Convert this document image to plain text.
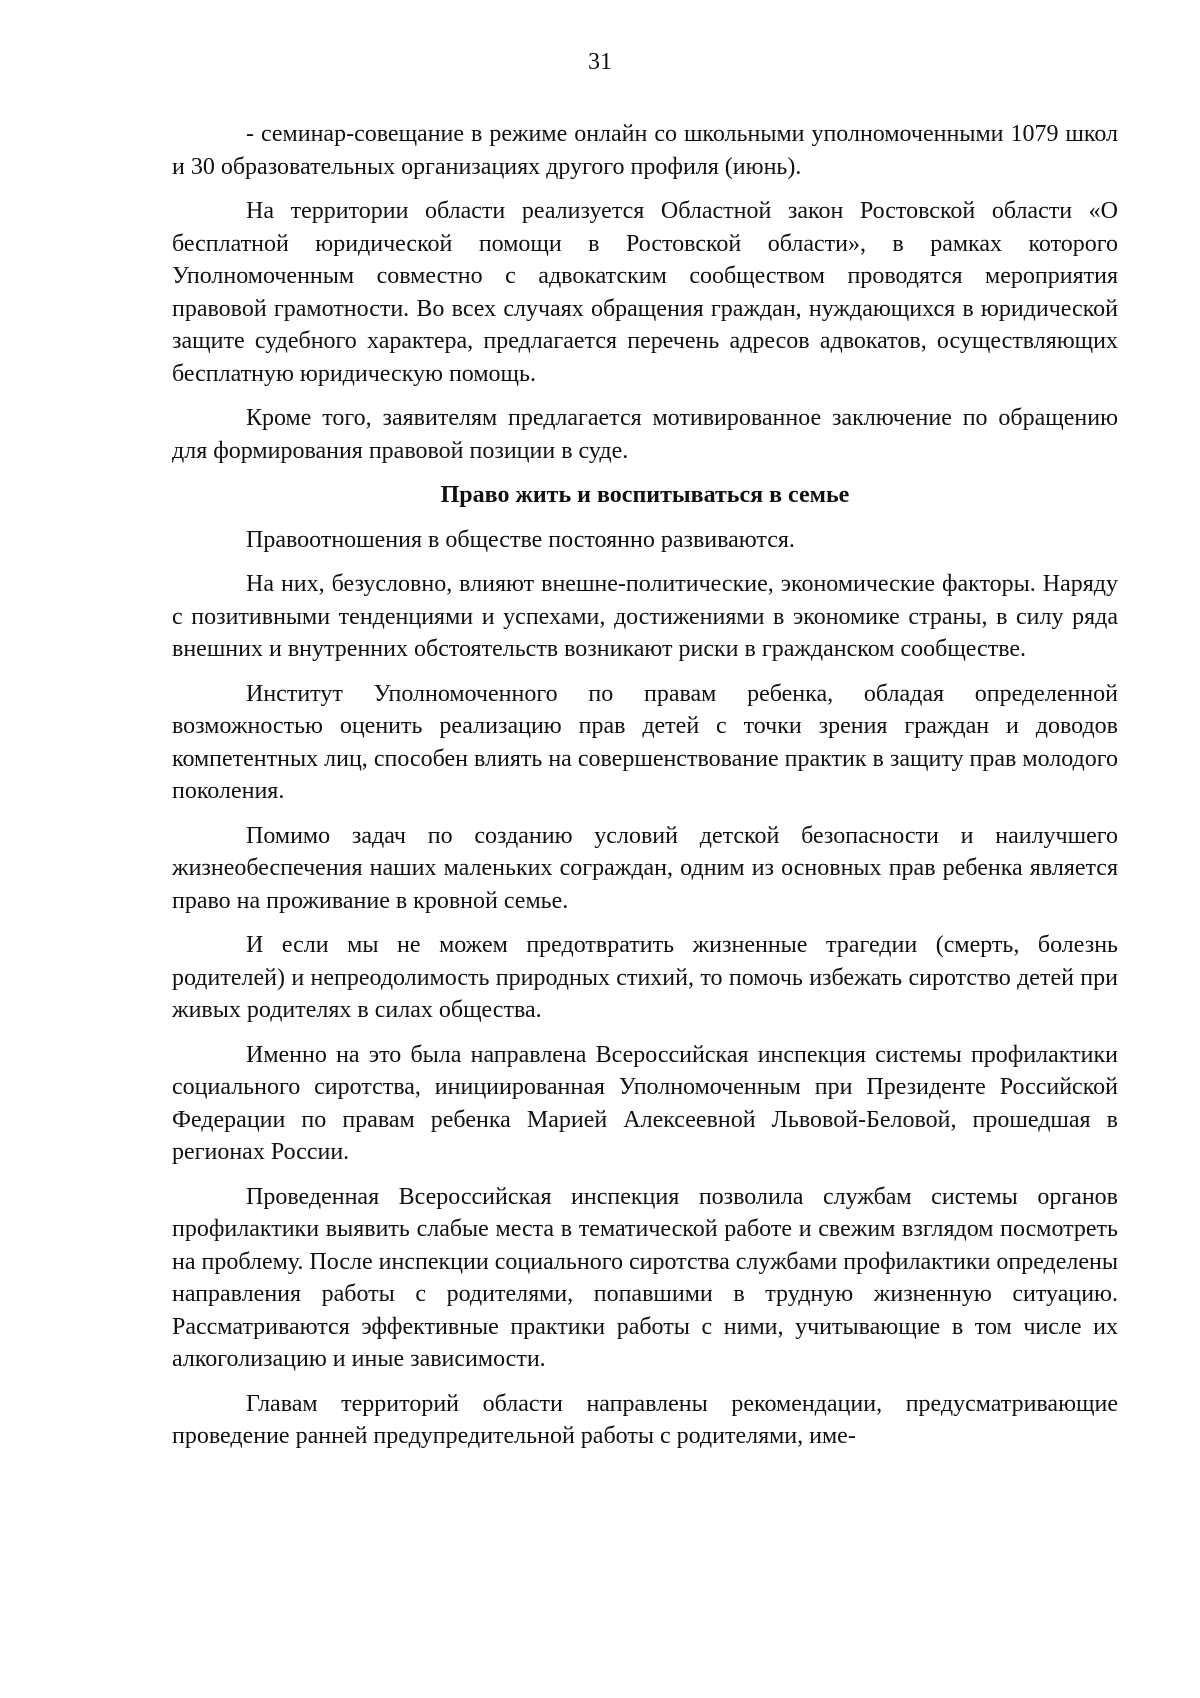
31

- семинар-совещание в режиме онлайн со школьными уполномоченными 1079 школ и 30 образовательных организациях другого профиля (июнь).

На территории области реализуется Областной закон Ростовской области «О бесплатной юридической помощи в Ростовской области», в рамках которого Уполномоченным совместно с адвокатским сообществом проводятся мероприятия правовой грамотности. Во всех случаях обращения граждан, нуждающихся в юридической защите судебного характера, предлагается перечень адресов адвокатов, осуществляющих бесплатную юридическую помощь.

Кроме того, заявителям предлагается мотивированное заключение по обращению для формирования правовой позиции в суде.

Право жить и воспитываться в семье

Правоотношения в обществе постоянно развиваются.

На них, безусловно, влияют внешне-политические, экономические факторы. Наряду с позитивными тенденциями и успехами, достижениями в экономике страны, в силу ряда внешних и внутренних обстоятельств возникают риски в гражданском сообществе.

Институт Уполномоченного по правам ребенка, обладая определенной возможностью оценить реализацию прав детей с точки зрения граждан и доводов компетентных лиц, способен влиять на совершенствование практик в защиту прав молодого поколения.

Помимо задач по созданию условий детской безопасности и наилучшего жизнеобеспечения наших маленьких сограждан, одним из основных прав ребенка является право на проживание в кровной семье.

И если мы не можем предотвратить жизненные трагедии (смерть, болезнь родителей) и непреодолимость природных стихий, то помочь избежать сиротство детей при живых родителях в силах общества.

Именно на это была направлена Всероссийская инспекция системы профилактики социального сиротства, инициированная Уполномоченным при Президенте Российской Федерации по правам ребенка Марией Алексеевной Львовой-Беловой, прошедшая в регионах России.

Проведенная Всероссийская инспекция позволила службам системы органов профилактики выявить слабые места в тематической работе и свежим взглядом посмотреть на проблему. После инспекции социального сиротства службами профилактики определены направления работы с родителями, попавшими в трудную жизненную ситуацию. Рассматриваются эффективные практики работы с ними, учитывающие в том числе их алкоголизацию и иные зависимости.

Главам территорий области направлены рекомендации, предусматривающие проведение ранней предупредительной работы с родителями, име-
